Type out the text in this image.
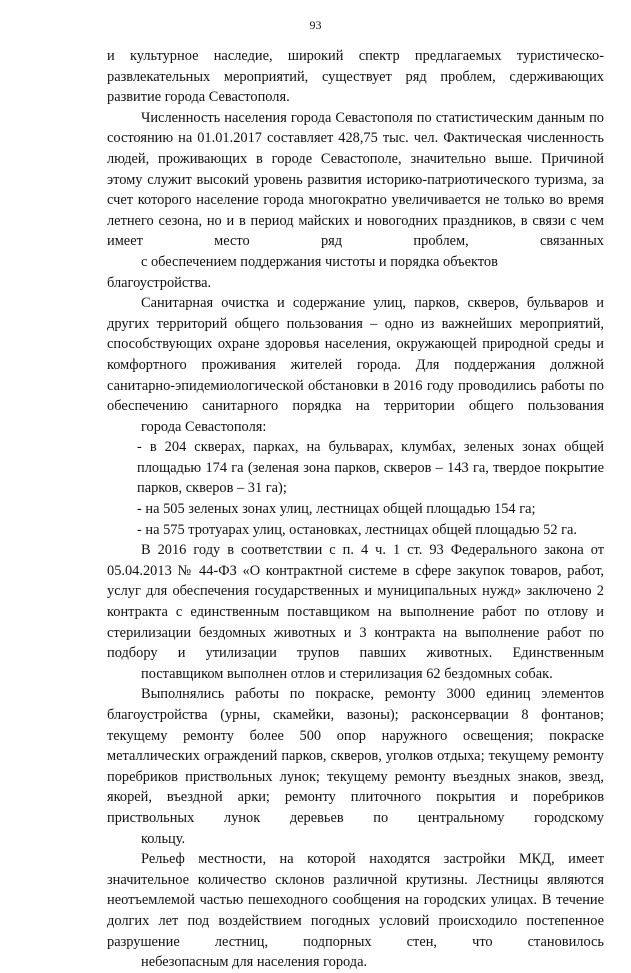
93

и культурное наследие, широкий спектр предлагаемых туристическо-развлекательных мероприятий, существует ряд проблем, сдерживающих
развитие города Севастополя.

Численность населения города Севастополя по статистическим данным по состоянию на 01.01.2017 составляет 428,75 тыс. чел. Фактическая численность людей, проживающих в городе Севастополе, значительно выше. Причиной этому служит высокий уровень развития историко-патриотического туризма, за счет которого население города многократно увеличивается не только во время летнего сезона, но и в период майских и новогодних праздников, в связи с чем имеет место ряд проблем, связанных
с обеспечением поддержания чистоты и порядка объектов благоустройства.

Санитарная очистка и содержание улиц, парков, скверов, бульваров и других территорий общего пользования – одно из важнейших мероприятий, способствующих охране здоровья населения, окружающей природной среды и комфортного проживания жителей города. Для поддержания должной санитарно-эпидемиологической обстановки в 2016 году проводились работы по обеспечению санитарного порядка на территории общего пользования
города Севастополя:

- в 204 скверах, парках, на бульварах, клумбах, зеленых зонах общей площадью 174 га (зеленая зона парков, скверов – 143 га, твердое покрытие
парков, скверов – 31 га);

- на 505 зеленых зонах улиц, лестницах общей площадью 154 га;

- на 575 тротуарах улиц, остановках, лестницах общей площадью 52 га.

В 2016 году в соответствии с п. 4 ч. 1 ст. 93 Федерального закона от 05.04.2013 № 44-ФЗ «О контрактной системе в сфере закупок товаров, работ, услуг для обеспечения государственных и муниципальных нужд» заключено 2 контракта с единственным поставщиком на выполнение работ по отлову и стерилизации бездомных животных и 3 контракта на выполнение работ по подбору и утилизации трупов павших животных. Единственным
поставщиком выполнен отлов и стерилизация 62 бездомных собак.

Выполнялись работы по покраске, ремонту 3000 единиц элементов благоустройства (урны, скамейки, вазоны); расконсервации 8 фонтанов; текущему ремонту более 500 опор наружного освещения; покраске металлических ограждений парков, скверов, уголков отдыха; текущему ремонту поребриков приствольных лунок; текущему ремонту въездных знаков, звезд, якорей, въездной арки; ремонту плиточного покрытия и поребриков приствольных лунок деревьев по центральному городскому
кольцу.

Рельеф местности, на которой находятся застройки МКД, имеет значительное количество склонов различной крутизны. Лестницы являются неотъемлемой частью пешеходного сообщения на городских улицах. В течение долгих лет под воздействием погодных условий происходило постепенное разрушение лестниц, подпорных стен, что становилось
небезопасным для населения города.
